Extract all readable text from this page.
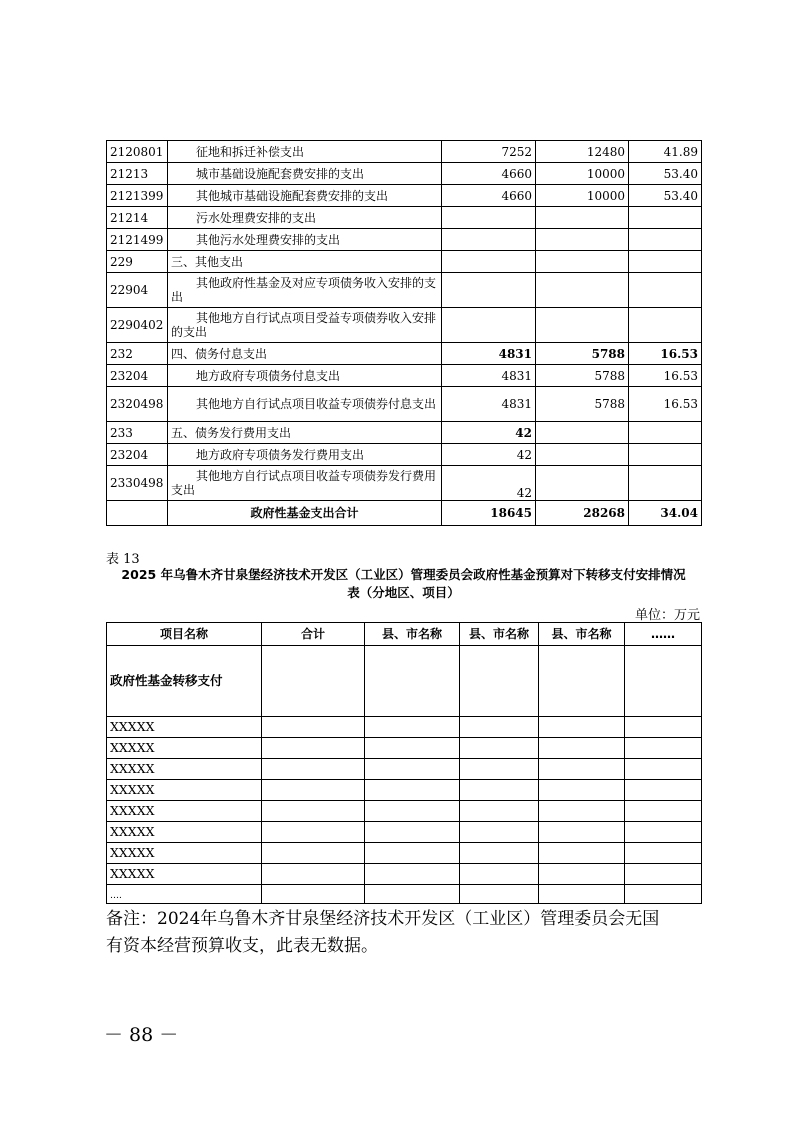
2120801	征地和拆迁补偿支出	7252	12480	41.89
21213	城市基础设施配套费安排的支出	4660	10000	53.40
2121399	其他城市基础设施配套费安排的支出	4660	10000	53.40
21214	污水处理费安排的支出			
2121499	其他污水处理费安排的支出			
229	三、其他支出			
22904	其他政府性基金及对应专项债务收入安排的支出			
2290402	其他地方自行试点项目受益专项债券收入安排的支出			
232	四、债务付息支出	4831	5788	16.53
23204	地方政府专项债务付息支出	4831	5788	16.53
2320498	其他地方自行试点项目收益专项债券付息支出	4831	5788	16.53
233	五、债务发行费用支出	42		
23204	地方政府专项债务发行费用支出	42		
2330498	其他地方自行试点项目收益专项债券发行费用支出	42		
	政府性基金支出合计	18645	28268	34.04
表 13
2025 年乌鲁木齐甘泉堡经济技术开发区（工业区）管理委员会政府性基金预算对下转移支付安排情况
表（分地区、项目）
单位：万元
项目名称	合计	县、市名称	县、市名称	县、市名称	……
政府性基金转移支付					
XXXXX					
XXXXX					
XXXXX					
XXXXX					
XXXXX					
XXXXX					
XXXXX					
XXXXX					
….					
备注：2024年乌鲁木齐甘泉堡经济技术开发区（工业区）管理委员会无国
有资本经营预算收支，此表无数据。
－ 88 －
